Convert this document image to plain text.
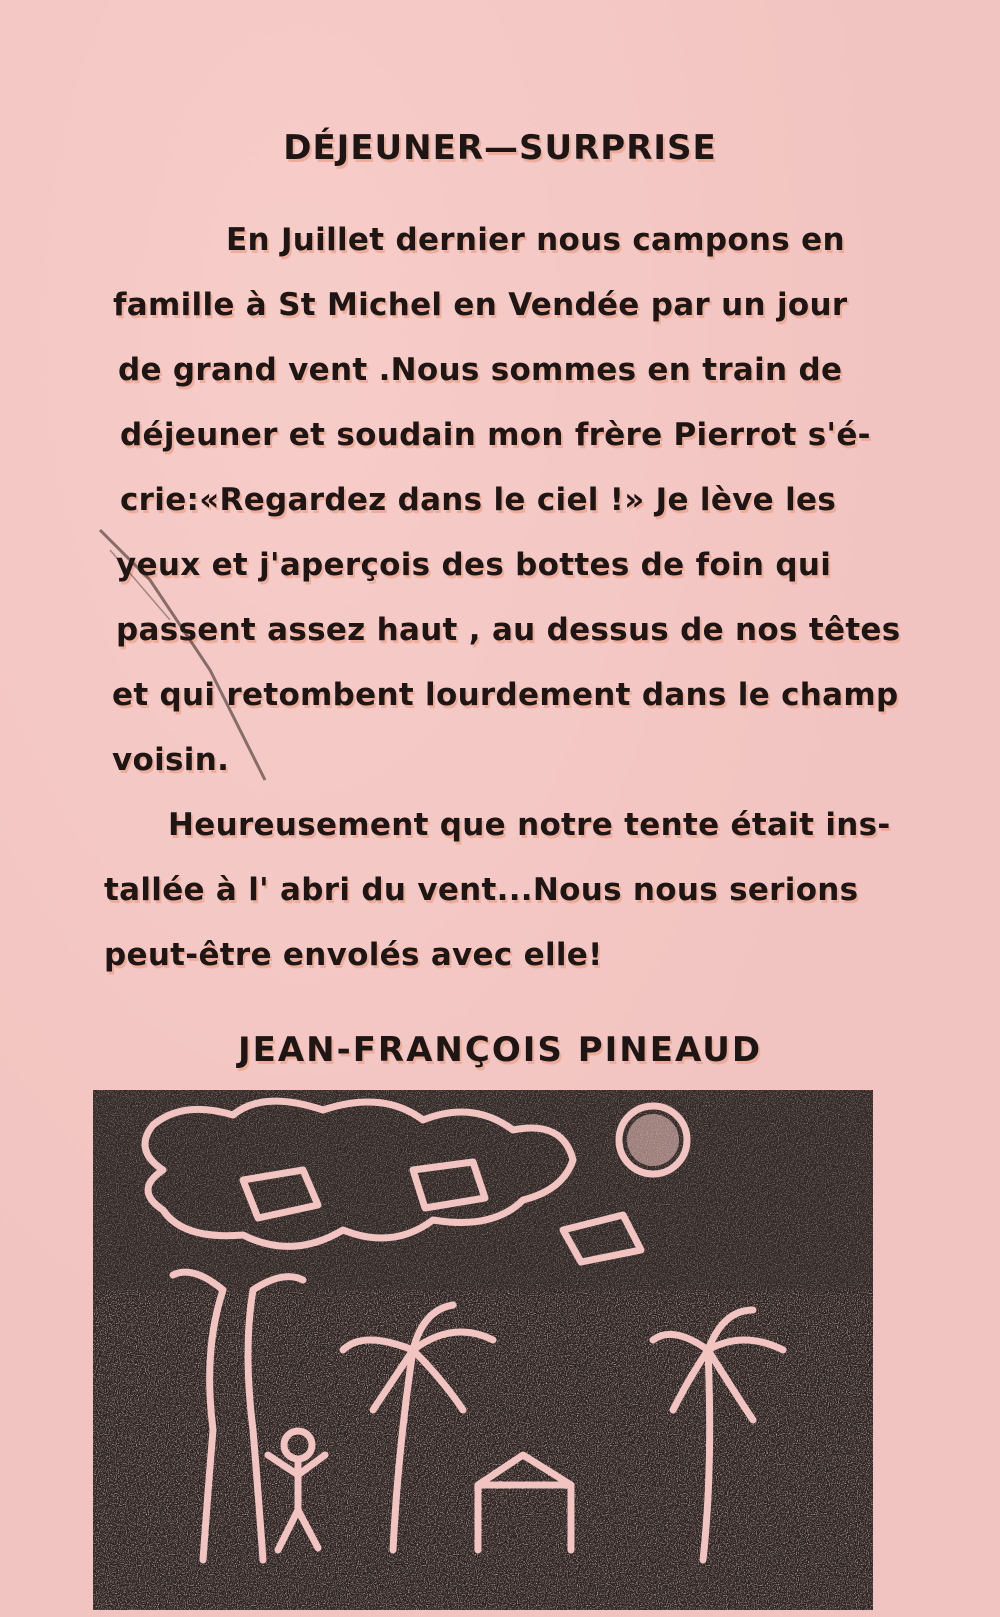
DÉJEUNER—SURPRISE
En Juillet dernier nous campons en
famille à St Michel en Vendée par un jour
de grand vent .Nous sommes en train de
déjeuner et soudain mon frère Pierrot s'é-
crie:«Regardez dans le ciel !» Je lève les
yeux et j'aperçois des bottes de foin qui
passent assez haut , au dessus de nos têtes
et qui retombent lourdement dans le champ
voisin.
Heureusement que notre tente était ins-
tallée à l' abri du vent...Nous nous serions
peut-être envolés avec elle!
JEAN-FRANÇOIS PINEAUD
